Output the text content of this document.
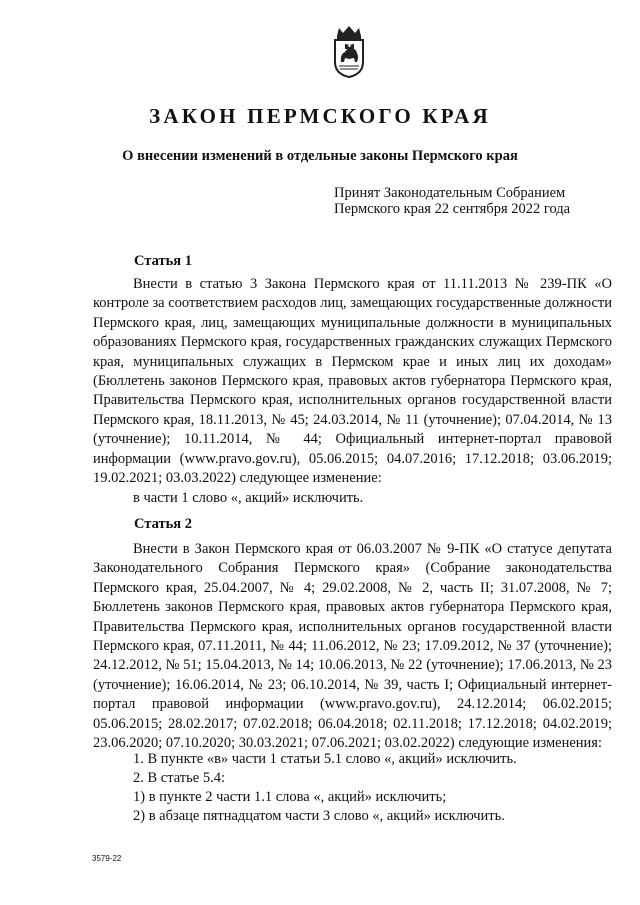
ЗАКОН ПЕРМСКОГО КРАЯ
О внесении изменений в отдельные законы Пермского края
Принят Законодательным Собранием
Пермского края 22 сентября 2022 года
Статья 1
Внести в статью 3 Закона Пермского края от 11.11.2013 № 239-ПК «О контроле за соответствием расходов лиц, замещающих государственные должности Пермского края, лиц, замещающих муниципальные должности в муниципальных образованиях Пермского края, государственных гражданских служащих Пермского края, муниципальных служащих в Пермском крае и иных лиц их доходам» (Бюллетень законов Пермского края, правовых актов губернатора Пермского края, Правительства Пермского края, исполнительных органов государственной власти Пермского края, 18.11.2013, № 45; 24.03.2014, № 11 (уточнение); 07.04.2014, № 13 (уточнение); 10.11.2014, № 44; Официальный интернет-портал правовой информации (www.pravo.gov.ru), 05.06.2015; 04.07.2016; 17.12.2018; 03.06.2019; 19.02.2021; 03.03.2022) следующее изменение:
в части 1 слово «, акций» исключить.
Статья 2
Внести в Закон Пермского края от 06.03.2007 № 9-ПК «О статусе депутата Законодательного Собрания Пермского края» (Собрание законодательства Пермского края, 25.04.2007, № 4; 29.02.2008, № 2, часть II; 31.07.2008, № 7; Бюллетень законов Пермского края, правовых актов губернатора Пермского края, Правительства Пермского края, исполнительных органов государственной власти Пермского края, 07.11.2011, № 44; 11.06.2012, № 23; 17.09.2012, № 37 (уточнение); 24.12.2012, № 51; 15.04.2013, № 14; 10.06.2013, № 22 (уточнение); 17.06.2013, № 23 (уточнение); 16.06.2014, № 23; 06.10.2014, № 39, часть I; Официальный интернет-портал правовой информации (www.pravo.gov.ru), 24.12.2014; 06.02.2015; 05.06.2015; 28.02.2017; 07.02.2018; 06.04.2018; 02.11.2018; 17.12.2018; 04.02.2019; 23.06.2020; 07.10.2020; 30.03.2021; 07.06.2021; 03.02.2022) следующие изменения:
1. В пункте «в» части 1 статьи 5.1 слово «, акций» исключить.
2. В статье 5.4:
1) в пункте 2 части 1.1 слова «, акций» исключить;
2) в абзаце пятнадцатом части 3 слово «, акций» исключить.
3579-22
